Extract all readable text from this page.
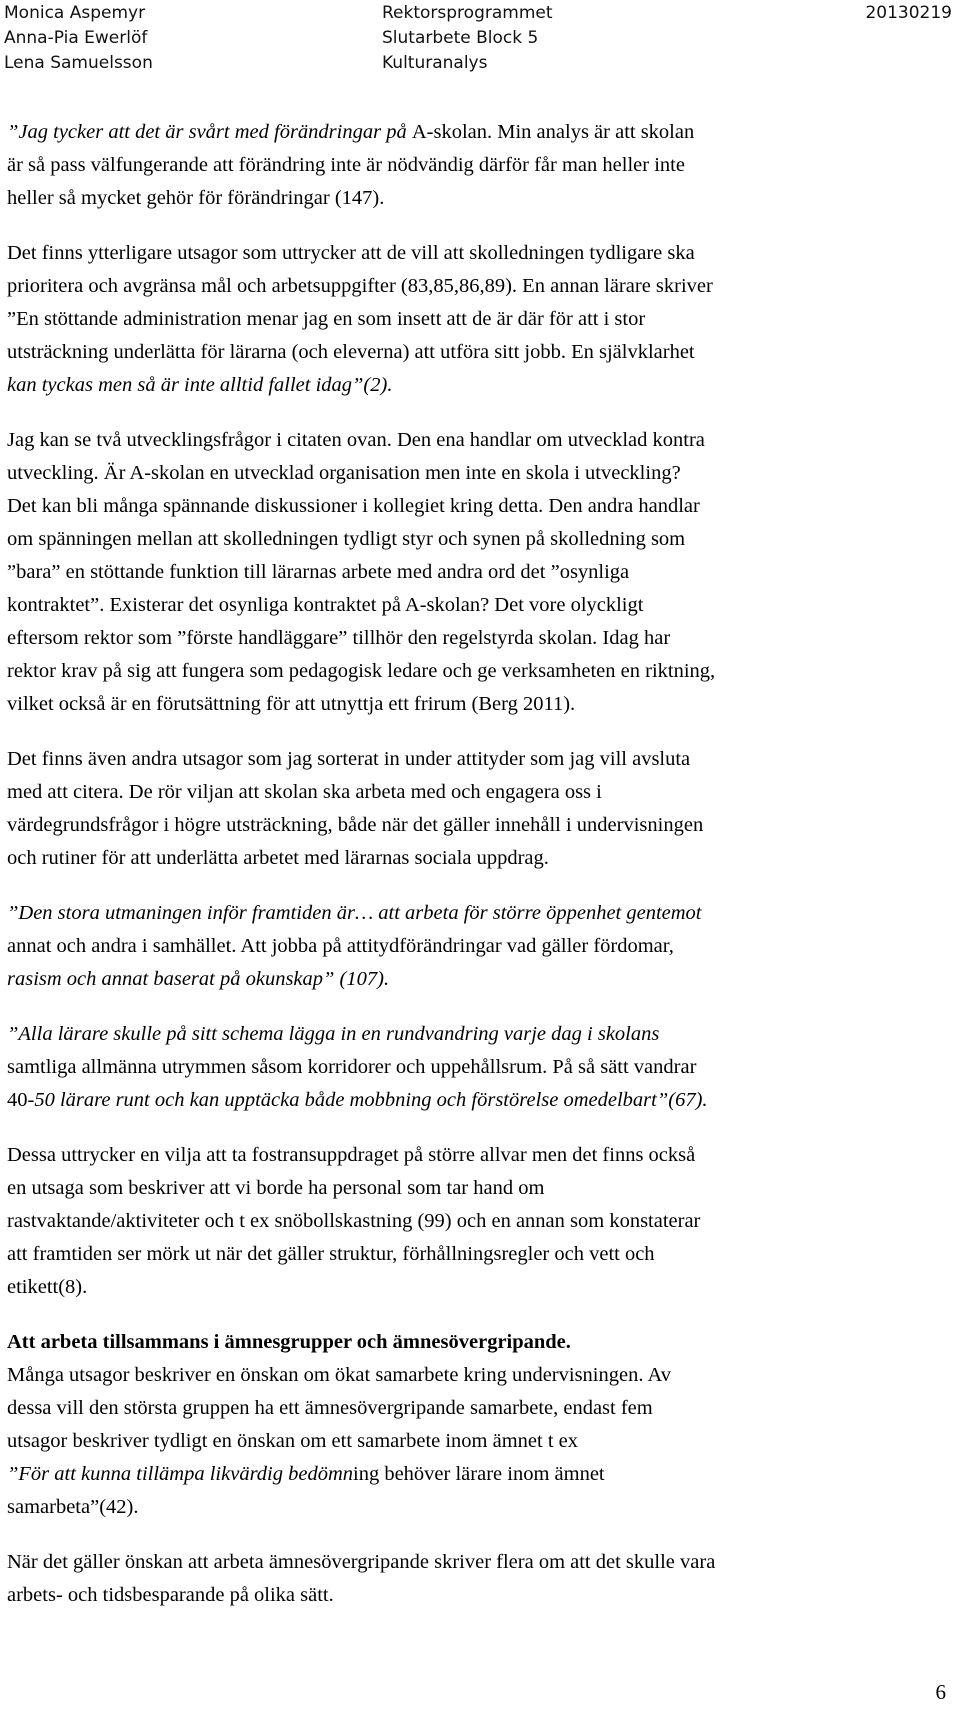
Monica Aspemyr
Anna-Pia Ewerlöf
Lena Samuelsson
Rektorsprogrammet
Slutarbete Block 5
Kulturanalys
20130219

”Jag tycker att det är svårt med förändringar på A-skolan. Min analys är att skolan
är så pass välfungerande att förändring inte är nödvändig därför får man heller inte
heller så mycket gehör för förändringar (147).

Det finns ytterligare utsagor som uttrycker att de vill att skolledningen tydligare ska
prioritera och avgränsa mål och arbetsuppgifter (83,85,86,89). En annan lärare skriver
”En stöttande administration menar jag en som insett att de är där för att i stor
utsträckning underlätta för lärarna (och eleverna) att utföra sitt jobb. En självklarhet
kan tyckas men så är inte alltid fallet idag”(2).

Jag kan se två utvecklingsfrågor i citaten ovan. Den ena handlar om utvecklad kontra
utveckling. Är A-skolan en utvecklad organisation men inte en skola i utveckling?
Det kan bli många spännande diskussioner i kollegiet kring detta. Den andra handlar
om spänningen mellan att skolledningen tydligt styr och synen på skolledning som
”bara” en stöttande funktion till lärarnas arbete med andra ord det ”osynliga
kontraktet”. Existerar det osynliga kontraktet på A-skolan? Det vore olyckligt
eftersom rektor som ”förste handläggare” tillhör den regelstyrda skolan. Idag har
rektor krav på sig att fungera som pedagogisk ledare och ge verksamheten en riktning,
vilket också är en förutsättning för att utnyttja ett frirum (Berg 2011).

Det finns även andra utsagor som jag sorterat in under attityder som jag vill avsluta
med att citera. De rör viljan att skolan ska arbeta med och engagera oss i
värdegrundsfrågor i högre utsträckning, både när det gäller innehåll i undervisningen
och rutiner för att underlätta arbetet med lärarnas sociala uppdrag.

”Den stora utmaningen inför framtiden är… att arbeta för större öppenhet gentemot
annat och andra i samhället. Att jobba på attitydförändringar vad gäller fördomar,
rasism och annat baserat på okunskap” (107).

”Alla lärare skulle på sitt schema lägga in en rundvandring varje dag i skolans
samtliga allmänna utrymmen såsom korridorer och uppehållsrum. På så sätt vandrar
40-50 lärare runt och kan upptäcka både mobbning och förstörelse omedelbart”(67).

Dessa uttrycker en vilja att ta fostransuppdraget på större allvar men det finns också
en utsaga som beskriver att vi borde ha personal som tar hand om
rastvaktande/aktiviteter och t ex snöbollskastning (99) och en annan som konstaterar
att framtiden ser mörk ut när det gäller struktur, förhållningsregler och vett och
etikett(8).

Att arbeta tillsammans i ämnesgrupper och ämnesövergripande.
Många utsagor beskriver en önskan om ökat samarbete kring undervisningen. Av
dessa vill den största gruppen ha ett ämnesövergripande samarbete, endast fem
utsagor beskriver tydligt en önskan om ett samarbete inom ämnet t ex
”För att kunna tillämpa likvärdig bedömning behöver lärare inom ämnet
samarbeta”(42).

När det gäller önskan att arbeta ämnesövergripande skriver flera om att det skulle vara
arbets- och tidsbesparande på olika sätt.

6
